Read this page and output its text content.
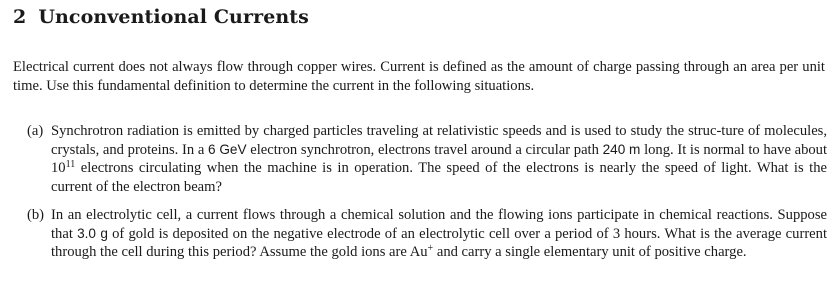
2 Unconventional Currents
Electrical current does not always flow through copper wires. Current is defined as the amount of charge passing through an area per unit time. Use this fundamental definition to determine the current in the following situations.
(a) Synchrotron radiation is emitted by charged particles traveling at relativistic speeds and is used to study the struc-ture of molecules, crystals, and proteins. In a 6 GeV electron synchrotron, electrons travel around a circular path 240 m long. It is normal to have about $10^{11}$ electrons circulating when the machine is in operation. The speed of the electrons is nearly the speed of light. What is the current of the electron beam?
(b) In an electrolytic cell, a current flows through a chemical solution and the flowing ions participate in chemical reactions. Suppose that 3.0 g of gold is deposited on the negative electrode of an electrolytic cell over a period of 3 hours. What is the average current through the cell during this period? Assume the gold ions are Au+ and carry a single elementary unit of positive charge.
